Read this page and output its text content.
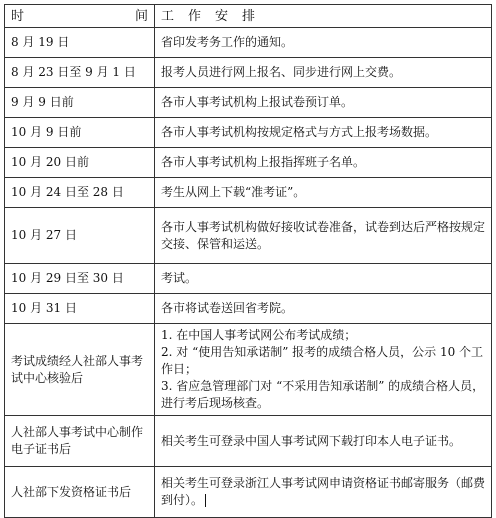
时间	工作安排
8 月 19 日	省印发考务工作的通知。
8 月 23 日至 9 月 1 日	报考人员进行网上报名、同步进行网上交费。
9 月 9 日前	各市人事考试机构上报试卷预订单。
10 月 9 日前	各市人事考试机构按规定格式与方式上报考场数据。
10 月 20 日前	各市人事考试机构上报指挥班子名单。
10 月 24 日至 28 日	考生从网上下载“准考证”。
10 月 27 日	各市人事考试机构做好接收试卷准备，试卷到达后严格按规定交接、保管和运送。
10 月 29 日至 30 日	考试。
10 月 31 日	各市将试卷送回省考院。
考试成绩经人社部人事考试中心核验后	1. 在中国人事考试网公布考试成绩；
2. 对 “使用告知承诺制” 报考的成绩合格人员，公示 10 个工作日；
3. 省应急管理部门对 “不采用告知承诺制” 的成绩合格人员，进行考后现场核查。

人社部人事考试中心制作电子证书后	相关考生可登录中国人事考试网下载打印本人电子证书。
人社部下发资格证书后	相关考生可登录浙江人事考试网申请资格证书邮寄服务（邮费到付）。
